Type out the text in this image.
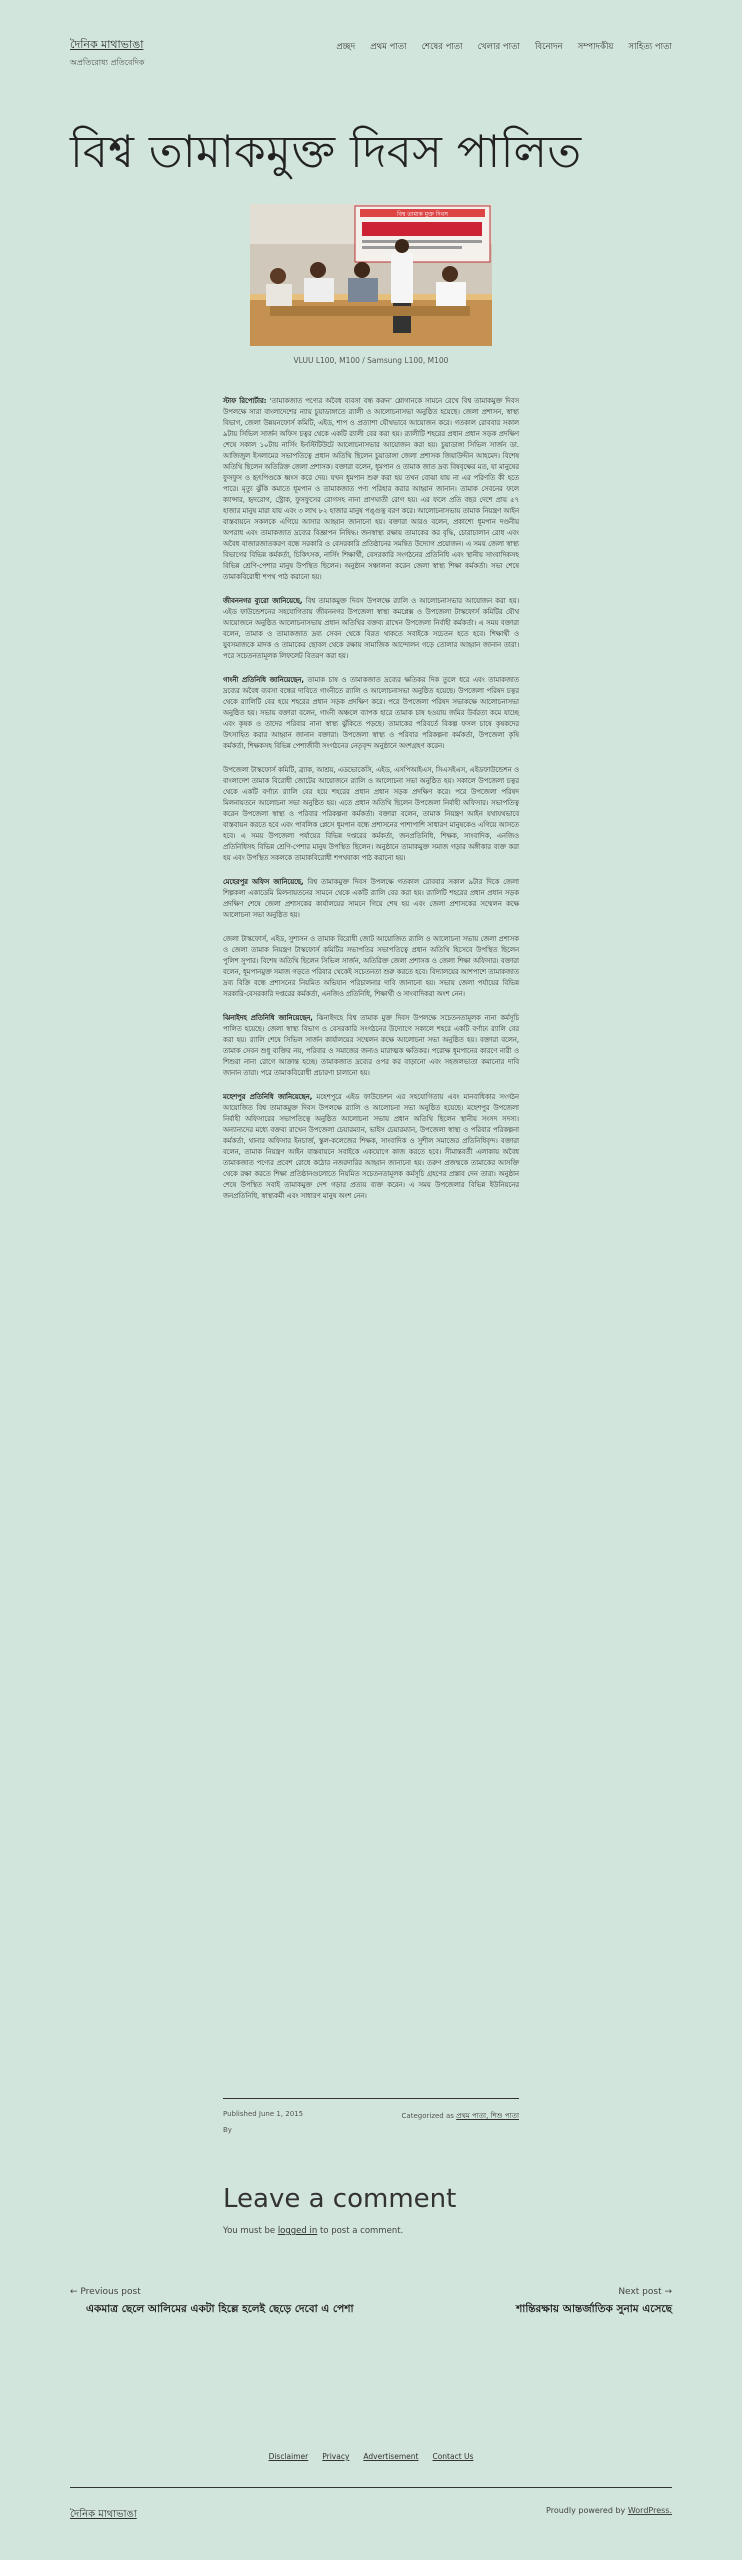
দৈনিক মাথাভাঙা
অপ্রতিরোধ্য প্রতিবেদিক
প্রচ্ছদ প্রথম পাতা শেষের পাতা খেলার পাতা বিনোদন সম্পাদকীয় সাহিত্য পাতা
বিশ্ব তামাকমুক্ত দিবস পালিত
বিশ্ব তামাক মুক্ত দিবস
VLUU L100, M100 / Samsung L100, M100

স্টাফ রিপোর্টার: ‘তামাকজাত পণ্যের অবৈধ ব্যবসা বন্ধ করুন’ শ্লোগানকে সামনে রেখে বিশ্ব তামাকমুক্ত দিবস উপলক্ষে সারা বাংলাদেশের ন্যায় চুয়াডাঙ্গাতে র‌্যালী ও আলোচনাসভা অনুষ্ঠিত হয়েছে। জেলা প্রশাসন, স্বাস্থ্য বিভাগ, জেলা উন্নয়নফোর্স কমিটি, এইড, শাপ ও প্রত্যাশা যৌথভাবে আয়োজন করে। গতকাল রোববার সকাল ৯টায় সিভিল সার্জন অফিস চত্বর থেকে একটি র‌্যালী বের করা হয়। র‌্যালীটি শহরের প্রধান প্রধান সড়ক প্রদক্ষিণ শেষে সকাল ১০টায় নার্সিং ইনস্টিটিউটে আলোচনাসভার আয়োজন করা হয়। চুয়াডাঙ্গা সিভিল সার্জন ডা. আজিজুল ইসলামের সভাপতিত্বে প্রধান অতিথি ছিলেন চুয়াডাঙ্গা জেলা প্রশাসক জিয়াউদ্দীন আহমেদ। বিশেষ অতিথি ছিলেন অতিরিক্ত জেলা প্রশাসক। বক্তারা বলেন, ধূমপান ও তামাক জাত দ্রব্য বিষবৃক্ষের মত, যা মানুষের ফুসফুস ও হৃৎপিণ্ডকে ধ্বংস করে দেয়। যখন ধূমপান শুরু করা হয় তখন বোঝা যায় না এর পরিণতি কী হতে পারে। মৃত্যু ঝুঁকি কমাতে ধূমপান ও তামাকজাত পণ্য পরিহার করার আহ্বান জানান। তামাক সেবনের ফলে ক্যান্সার, হৃদরোগ, স্ট্রোক, ফুসফুসের রোগসহ নানা প্রাণঘাতী রোগ হয়। এর ফলে প্রতি বছর দেশে প্রায় ৫৭ হাজার মানুষ মারা যায় এবং ৩ লাখ ৮২ হাজার মানুষ পঙ্গুত্ব বরণ করে। আলোচনাসভায় তামাক নিয়ন্ত্রণ আইন বাস্তবায়নে সকলকে এগিয়ে আসার আহ্বান জানানো হয়। বক্তারা আরও বলেন, প্রকাশ্যে ধূমপান দণ্ডনীয় অপরাধ এবং তামাকজাত দ্রব্যের বিজ্ঞাপন নিষিদ্ধ। জনস্বাস্থ্য রক্ষায় তামাকের কর বৃদ্ধি, চোরাচালান রোধ এবং অবৈধ বাজারজাতকরণ বন্ধে সরকারি ও বেসরকারি প্রতিষ্ঠানের সমন্বিত উদ্যোগ প্রয়োজন। এ সময় জেলা স্বাস্থ্য বিভাগের বিভিন্ন কর্মকর্তা, চিকিৎসক, নার্সিং শিক্ষার্থী, বেসরকারি সংগঠনের প্রতিনিধি এবং স্থানীয় সাংবাদিকসহ বিভিন্ন শ্রেণি-পেশার মানুষ উপস্থিত ছিলেন। অনুষ্ঠান সঞ্চালনা করেন জেলা স্বাস্থ্য শিক্ষা কর্মকর্তা। সভা শেষে তামাকবিরোধী শপথ পাঠ করানো হয়।

জীবননগর ব্যুরো জানিয়েছে, বিশ্ব তামাকমুক্ত দিবস উপলক্ষে র‌্যালি ও আলোচনাসভার আয়োজন করা হয়। এইড ফাউন্ডেশনের সহযোগিতায় জীবননগর উপজেলা স্বাস্থ্য কমপ্লেক্স ও উপজেলা টাস্কফোর্স কমিটির যৌথ আয়োজনে অনুষ্ঠিত আলোচনাসভায় প্রধান অতিথির বক্তব্য রাখেন উপজেলা নির্বাহী কর্মকর্তা। এ সময় বক্তারা বলেন, তামাক ও তামাকজাত দ্রব্য সেবন থেকে বিরত থাকতে সবাইকে সচেতন হতে হবে। শিক্ষার্থী ও যুবসমাজকে মাদক ও তামাকের ছোবল থেকে রক্ষায় সামাজিক আন্দোলন গড়ে তোলার আহ্বান জানান তারা। পরে সচেতনতামূলক লিফলেট বিতরণ করা হয়।

গাংনী প্রতিনিধি জানিয়েছেন, তামাক চাষ ও তামাকজাত দ্রব্যের ক্ষতিকর দিক তুলে ধরে এবং তামাকজাত দ্রব্যের অবৈধ ব্যবসা বন্ধের দাবিতে গাংনীতে র‌্যালি ও আলোচনাসভা অনুষ্ঠিত হয়েছে। উপজেলা পরিষদ চত্বর থেকে র‌্যালিটি বের হয়ে শহরের প্রধান সড়ক প্রদক্ষিণ করে। পরে উপজেলা পরিষদ সভাকক্ষে আলোচনাসভা অনুষ্ঠিত হয়। সভায় বক্তারা বলেন, গাংনী অঞ্চলে ব্যাপক হারে তামাক চাষ হওয়ায় জমির উর্বরতা কমে যাচ্ছে এবং কৃষক ও তাদের পরিবার নানা স্বাস্থ্য ঝুঁকিতে পড়ছে। তামাকের পরিবর্তে বিকল্প ফসল চাষে কৃষকদের উৎসাহিত করার আহ্বান জানান বক্তারা। উপজেলা স্বাস্থ্য ও পরিবার পরিকল্পনা কর্মকর্তা, উপজেলা কৃষি কর্মকর্তা, শিক্ষকসহ বিভিন্ন পেশাজীবী সংগঠনের নেতৃবৃন্দ অনুষ্ঠানে অংশগ্রহণ করেন।

উপজেলা টাস্কফোর্স কমিটি, ব্র্যাক, আশ্রয়, এডভোকেসি, এইড, এসপিআইএস, সিএসইএস, এইডফাউন্ডেশন ও বাংলাদেশ তামাক বিরোধী জোটের আয়োজনে র‌্যালি ও আলোচনা সভা অনুষ্ঠিত হয়। সকালে উপজেলা চত্বর থেকে একটি বর্ণাঢ্য র‌্যালি বের হয়ে শহরের প্রধান প্রধান সড়ক প্রদক্ষিণ করে। পরে উপজেলা পরিষদ মিলনায়তনে আলোচনা সভা অনুষ্ঠিত হয়। এতে প্রধান অতিথি ছিলেন উপজেলা নির্বাহী অফিসার। সভাপতিত্ব করেন উপজেলা স্বাস্থ্য ও পরিবার পরিকল্পনা কর্মকর্তা। বক্তারা বলেন, তামাক নিয়ন্ত্রণ আইন যথাযথভাবে বাস্তবায়ন করতে হবে এবং পাবলিক প্লেসে ধূমপান বন্ধে প্রশাসনের পাশাপাশি সাধারণ মানুষকেও এগিয়ে আসতে হবে। এ সময় উপজেলা পর্যায়ের বিভিন্ন দপ্তরের কর্মকর্তা, জনপ্রতিনিধি, শিক্ষক, সাংবাদিক, এনজিও প্রতিনিধিসহ বিভিন্ন শ্রেণি-পেশার মানুষ উপস্থিত ছিলেন। অনুষ্ঠানে তামাকমুক্ত সমাজ গড়ার অঙ্গীকার ব্যক্ত করা হয় এবং উপস্থিত সকলকে তামাকবিরোধী শপথবাক্য পাঠ করানো হয়।

মেহেরপুর অফিস জানিয়েছে, বিশ্ব তামাকমুক্ত দিবস উপলক্ষে গতকাল রোববার সকাল ৯টার দিকে জেলা শিল্পকলা একাডেমি মিলনায়তনের সামনে থেকে একটি র‌্যালি বের করা হয়। র‌্যালিটি শহরের প্রধান প্রধান সড়ক প্রদক্ষিণ শেষে জেলা প্রশাসকের কার্যালয়ের সামনে গিয়ে শেষ হয় এবং জেলা প্রশাসকের সম্মেলন কক্ষে আলোচনা সভা অনুষ্ঠিত হয়।

জেলা টাস্কফোর্স, এইড, সুশাসন ও তামাক বিরোধী জোট আয়োজিত র‌্যালি ও আলোচনা সভায় জেলা প্রশাসক ও জেলা তামাক নিয়ন্ত্রণ টাস্কফোর্স কমিটির সভাপতির সভাপতিত্বে প্রধান অতিথি হিসেবে উপস্থিত ছিলেন পুলিশ সুপার। বিশেষ অতিথি ছিলেন সিভিল সার্জন, অতিরিক্ত জেলা প্রশাসক ও জেলা শিক্ষা অফিসার। বক্তারা বলেন, ধূমপানমুক্ত সমাজ গড়তে পরিবার থেকেই সচেতনতা শুরু করতে হবে। বিদ্যালয়ের আশপাশে তামাকজাত দ্রব্য বিক্রি বন্ধে প্রশাসনের নিয়মিত অভিযান পরিচালনার দাবি জানানো হয়। সভায় জেলা পর্যায়ের বিভিন্ন সরকারি-বেসরকারি দপ্তরের কর্মকর্তা, এনজিও প্রতিনিধি, শিক্ষার্থী ও সাংবাদিকরা অংশ নেন।

ঝিনাইদহ প্রতিনিধি জানিয়েছেন, ঝিনাইদহে বিশ্ব তামাক মুক্ত দিবস উপলক্ষে সচেতনতামূলক নানা কর্মসূচি পালিত হয়েছে। জেলা স্বাস্থ্য বিভাগ ও বেসরকারি সংগঠনের উদ্যোগে সকালে শহরে একটি বর্ণাঢ্য র‌্যালি বের করা হয়। র‌্যালি শেষে সিভিল সার্জন কার্যালয়ের সম্মেলন কক্ষে আলোচনা সভা অনুষ্ঠিত হয়। বক্তারা বলেন, তামাক সেবন শুধু ব্যক্তির নয়, পরিবার ও সমাজের জন্যও মারাত্মক ক্ষতিকর। পরোক্ষ ধূমপানের কারণে নারী ও শিশুরা নানা রোগে আক্রান্ত হচ্ছে। তামাকজাত দ্রব্যের ওপর কর বাড়ানো এবং সহজলভ্যতা কমানোর দাবি জানান তারা। পরে তামাকবিরোধী প্রচারণা চালানো হয়।

মহেশপুর প্রতিনিধি জানিয়েছেন, মহেশপুরে এইড ফাউন্ডেশন এর সহযোগিতায় এবং মানবাধিকার সংগঠন আয়োজিত বিশ্ব তামাকমুক্ত দিবস উপলক্ষে র‌্যালি ও আলোচনা সভা অনুষ্ঠিত হয়েছে। মহেশপুর উপজেলা নির্বাহী অফিসারের সভাপতিত্বে অনুষ্ঠিত আলোচনা সভায় প্রধান অতিথি ছিলেন স্থানীয় সংসদ সদস্য। অন্যান্যদের মধ্যে বক্তব্য রাখেন উপজেলা চেয়ারম্যান, ভাইস চেয়ারম্যান, উপজেলা স্বাস্থ্য ও পরিবার পরিকল্পনা কর্মকর্তা, থানার অফিসার ইনচার্জ, স্কুল-কলেজের শিক্ষক, সাংবাদিক ও সুশীল সমাজের প্রতিনিধিবৃন্দ। বক্তারা বলেন, তামাক নিয়ন্ত্রণ আইন বাস্তবায়নে সবাইকে একযোগে কাজ করতে হবে। সীমান্তবর্তী এলাকায় অবৈধ তামাকজাত পণ্যের প্রবেশ রোধে কঠোর নজরদারির আহ্বান জানানো হয়। তরুণ প্রজন্মকে তামাকের আসক্তি থেকে রক্ষা করতে শিক্ষা প্রতিষ্ঠানগুলোতে নিয়মিত সচেতনতামূলক কর্মসূচি গ্রহণের প্রস্তাব দেন তারা। অনুষ্ঠান শেষে উপস্থিত সবাই তামাকমুক্ত দেশ গড়ার প্রত্যয় ব্যক্ত করেন। এ সময় উপজেলার বিভিন্ন ইউনিয়নের জনপ্রতিনিধি, স্বাস্থ্যকর্মী এবং সাধারণ মানুষ অংশ নেন।

Published June 1, 2015	Categorized as প্রথম পাতা, শিশু পাতা
By
Leave a comment
You must be logged in to post a comment.
← Previous post
একমাত্র ছেলে আলিমের একটা হিল্লে হলেই ছেড়ে দেবো এ পেশা
Next post →
শান্তিরক্ষায় আন্তর্জাতিক সুনাম এসেছে
Disclaimer Privacy Advertisement Contact Us
দৈনিক মাথাভাঙা	Proudly powered by WordPress.
